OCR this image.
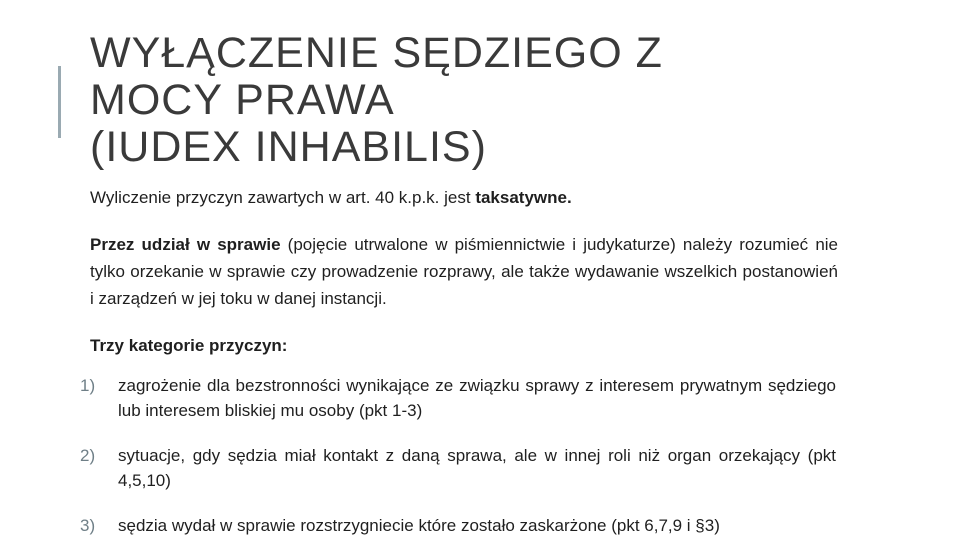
WYŁĄCZENIE SĘDZIEGO Z
MOCY PRAWA
(IUDEX INHABILIS)

Wyliczenie przyczyn zawartych w art. 40 k.p.k. jest taksatywne.

Przez udział w sprawie (pojęcie utrwalone w piśmiennictwie i judykaturze) należy rozumieć nie tylko orzekanie w sprawie czy prowadzenie rozprawy, ale także wydawanie wszelkich postanowień i zarządzeń w jej toku w danej instancji.

Trzy kategorie przyczyn:

1)	zagrożenie dla bezstronności wynikające ze związku sprawy z interesem prywatnym sędziego lub interesem bliskiej mu osoby (pkt 1-3)
2)	sytuacje, gdy sędzia miał kontakt z daną sprawa, ale w innej roli niż organ orzekający (pkt 4,5,10)
3)	sędzia wydał w sprawie rozstrzygniecie które zostało zaskarżone (pkt 6,7,9 i §3)
